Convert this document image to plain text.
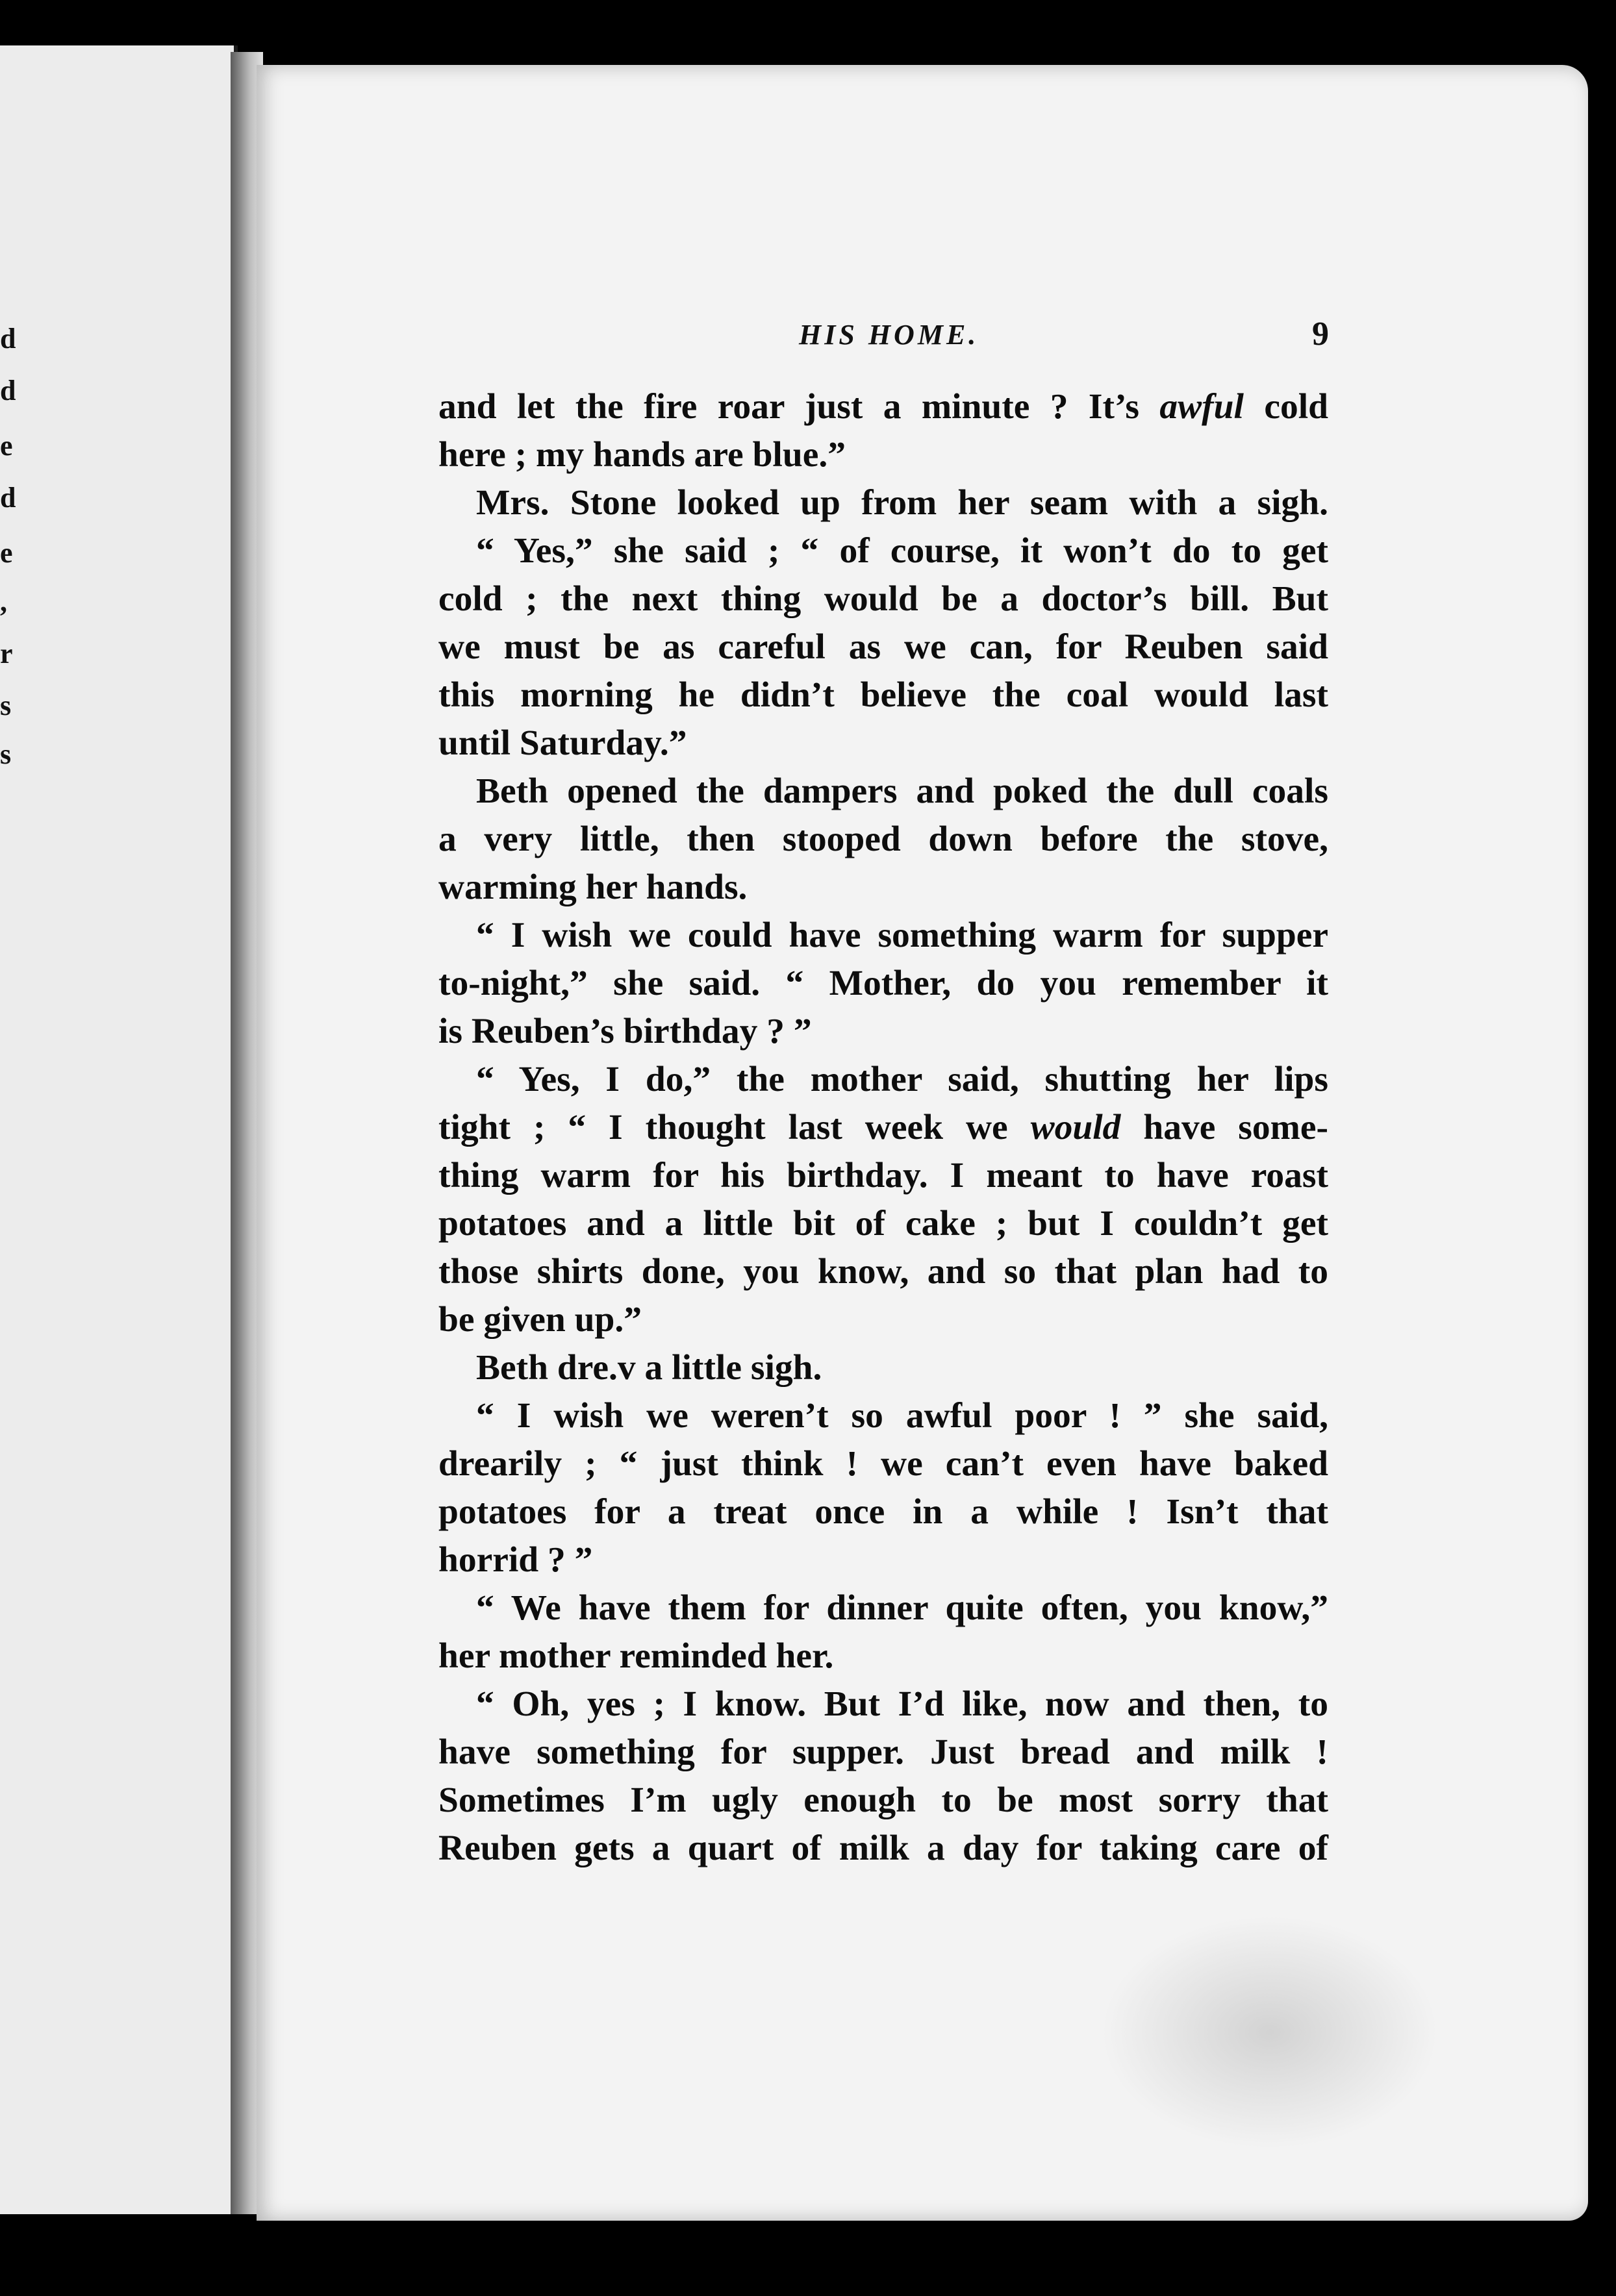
d
d
e
d
e
,
r
s
s
HIS HOME.	9
and let the fire roar just a minute ? It’s awful cold
here ; my hands are blue.”
Mrs. Stone looked up from her seam with a sigh.
“ Yes,” she said ; “ of course, it won’t do to get
cold ; the next thing would be a doctor’s bill. But
we must be as careful as we can, for Reuben said
this morning he didn’t believe the coal would last
until Saturday.”
Beth opened the dampers and poked the dull coals
a very little, then stooped down before the stove,
warming her hands.
“ I wish we could have something warm for supper
to-night,” she said. “ Mother, do you remember it
is Reuben’s birthday ? ”
“ Yes, I do,” the mother said, shutting her lips
tight ; “ I thought last week we would have some-
thing warm for his birthday. I meant to have roast
potatoes and a little bit of cake ; but I couldn’t get
those shirts done, you know, and so that plan had to
be given up.”
Beth dre.v a little sigh.
“ I wish we weren’t so awful poor ! ” she said,
drearily ; “ just think ! we can’t even have baked
potatoes for a treat once in a while ! Isn’t that
horrid ? ”
“ We have them for dinner quite often, you know,”
her mother reminded her.
“ Oh, yes ; I know. But I’d like, now and then, to
have something for supper. Just bread and milk !
Sometimes I’m ugly enough to be most sorry that
Reuben gets a quart of milk a day for taking care of
